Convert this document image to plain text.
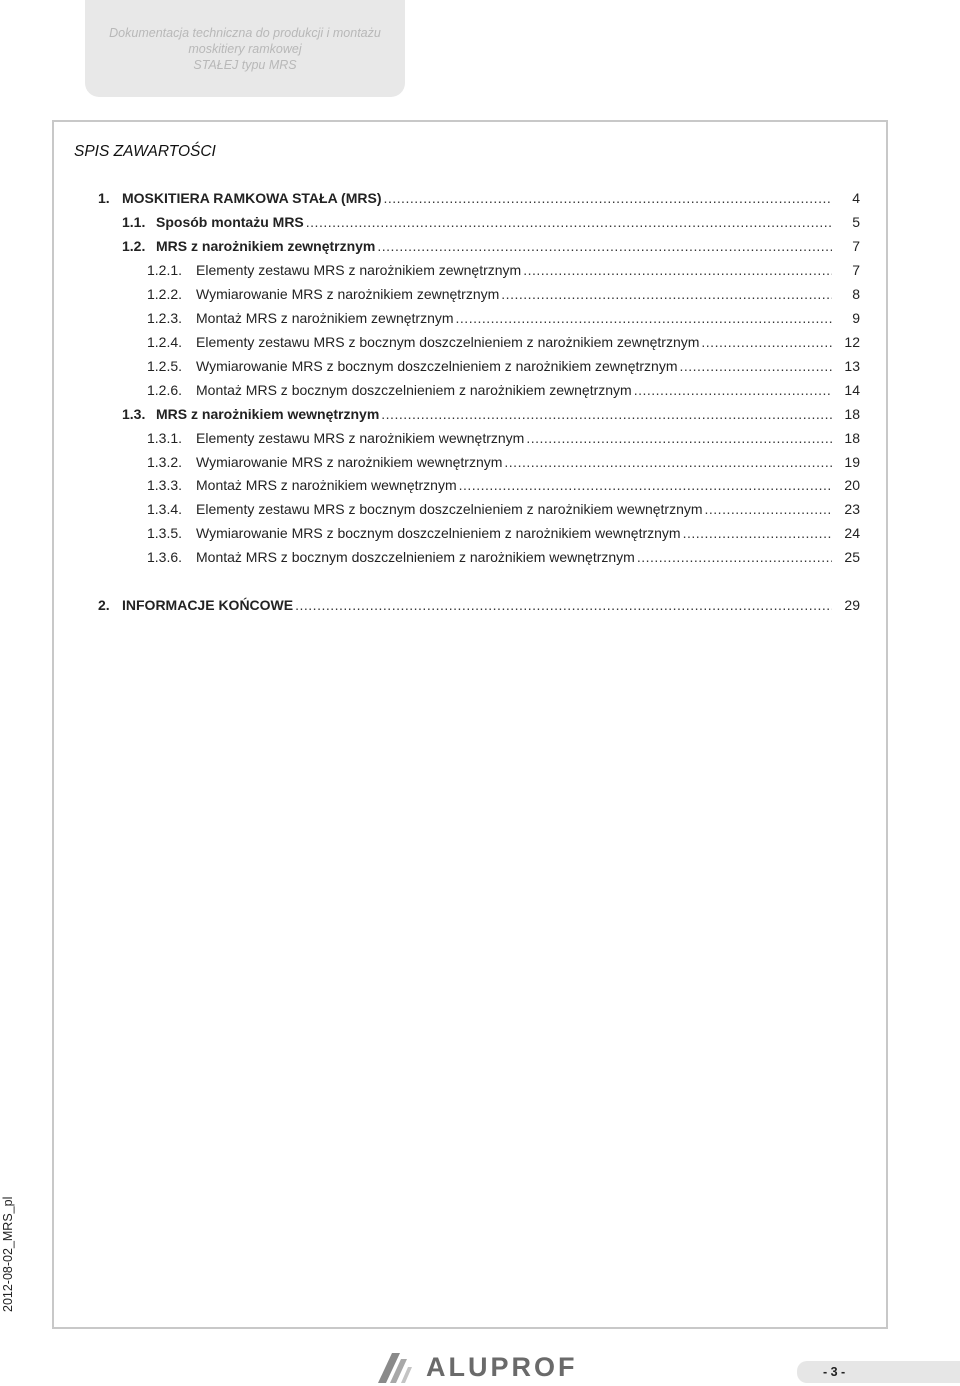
Dokumentacja techniczna do produkcji i montażu
moskitiery ramkowej
STAŁEJ typu MRS
SPIS ZAWARTOŚCI
1. MOSKITIERA RAMKOWA STAŁA (MRS) .....	4
1.1. Sposób montażu MRS .....	5
1.2. MRS z narożnikiem zewnętrznym .....	7
1.2.1. Elementy zestawu MRS z narożnikiem zewnętrznym .....	7
1.2.2. Wymiarowanie MRS z narożnikiem zewnętrznym .....	8
1.2.3. Montaż MRS z narożnikiem zewnętrznym .....	9
1.2.4. Elementy zestawu MRS z bocznym doszczelnieniem z narożnikiem zewnętrznym .....	12
1.2.5. Wymiarowanie MRS z bocznym doszczelnieniem z narożnikiem zewnętrznym .....	13
1.2.6. Montaż MRS z bocznym doszczelnieniem z narożnikiem zewnętrznym .....	14
1.3. MRS z narożnikiem wewnętrznym .....	18
1.3.1. Elementy zestawu MRS z narożnikiem wewnętrznym .....	18
1.3.2. Wymiarowanie MRS z narożnikiem wewnętrznym .....	19
1.3.3. Montaż MRS z narożnikiem wewnętrznym .....	20
1.3.4. Elementy zestawu MRS z bocznym doszczelnieniem z narożnikiem wewnętrznym .....	23
1.3.5. Wymiarowanie MRS z bocznym doszczelnieniem z narożnikiem wewnętrznym .....	24
1.3.6. Montaż MRS z bocznym doszczelnieniem z narożnikiem wewnętrznym .....	25
2. INFORMACJE KOŃCOWE .....	29
2012-08-02_MRS_pl
ALUPROF	- 3 -
